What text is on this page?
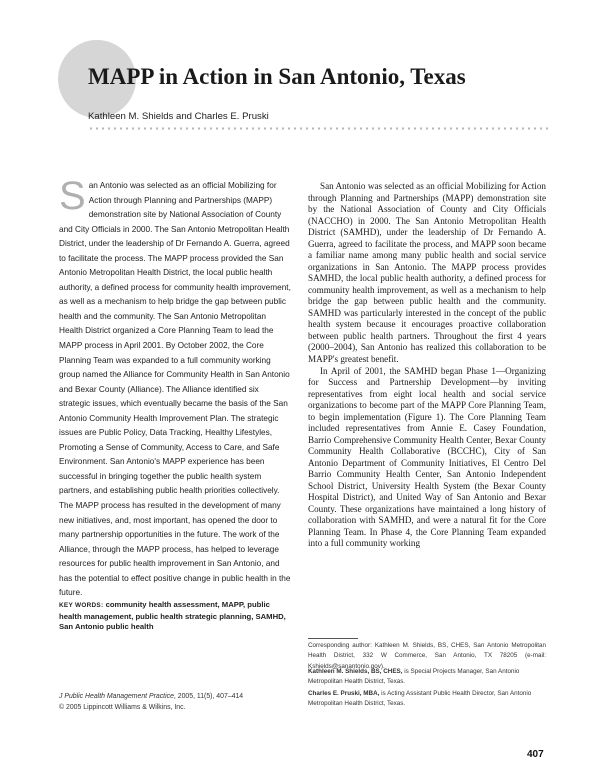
MAPP in Action in San Antonio, Texas
Kathleen M. Shields and Charles E. Pruski
San Antonio was selected as an official Mobilizing for Action through Planning and Partnerships (MAPP) demonstration site by National Association of County and City Officials in 2000. The San Antonio Metropolitan Health District, under the leadership of Dr Fernando A. Guerra, agreed to facilitate the process. The MAPP process provided the San Antonio Metropolitan Health District, the local public health authority, a defined process for community health improvement, as well as a mechanism to help bridge the gap between public health and the community. The San Antonio Metropolitan Health District organized a Core Planning Team to lead the MAPP process in April 2001. By October 2002, the Core Planning Team was expanded to a full community working group named the Alliance for Community Health in San Antonio and Bexar County (Alliance). The Alliance identified six strategic issues, which eventually became the basis of the San Antonio Community Health Improvement Plan. The strategic issues are Public Policy, Data Tracking, Healthy Lifestyles, Promoting a Sense of Community, Access to Care, and Safe Environment. San Antonio's MAPP experience has been successful in bringing together the public health system partners, and establishing public health priorities collectively. The MAPP process has resulted in the development of many new initiatives, and, most important, has opened the door to many partnership opportunities in the future. The work of the Alliance, through the MAPP process, has helped to leverage resources for public health improvement in San Antonio, and has the potential to effect positive change in public health in the future.

KEY WORDS: community health assessment, MAPP, public health management, public health strategic planning, SAMHD, San Antonio public health

J Public Health Management Practice, 2005, 11(5), 407–414
© 2005 Lippincott Williams & Wilkins, Inc.

San Antonio was selected as an official Mobilizing for Action through Planning and Partnerships (MAPP) demonstration site by the National Association of County and City Officials (NACCHO) in 2000. The San Antonio Metropolitan Health District (SAMHD), under the leadership of Dr Fernando A. Guerra, agreed to facilitate the process, and MAPP soon became a familiar name among many public health and social service organizations in San Antonio. The MAPP process provides SAMHD, the local public health authority, a defined process for community health improvement, as well as a mechanism to help bridge the gap between public health and the community. SAMHD was particularly interested in the concept of the public health system because it encourages proactive collaboration between public health partners. Throughout the first 4 years (2000–2004), San Antonio has realized this collaboration to be MAPP's greatest benefit.

In April of 2001, the SAMHD began Phase 1—Organizing for Success and Partnership Development—by inviting representatives from eight local health and social service organizations to become part of the MAPP Core Planning Team, to begin implementation (Figure 1). The Core Planning Team included representatives from Annie E. Casey Foundation, Barrio Comprehensive Community Health Center, Bexar County Community Health Collaborative (BCCHC), City of San Antonio Department of Community Initiatives, El Centro Del Barrio Community Health Center, San Antonio Independent School District, University Health System (the Bexar County Hospital District), and United Way of San Antonio and Bexar County. These organizations have maintained a long history of collaboration with SAMHD, and were a natural fit for the Core Planning Team. In Phase 4, the Core Planning Team expanded into a full community working

Corresponding author: Kathleen M. Shields, BS, CHES, San Antonio Metropolitan Health District, 332 W Commerce, San Antonio, TX 78205 (e-mail: Kshields@sanantonio.gov).

Kathleen M. Shields, BS, CHES, is Special Projects Manager, San Antonio Metropolitan Health District, Texas.

Charles E. Pruski, MBA, is Acting Assistant Public Health Director, San Antonio Metropolitan Health District, Texas.

407
